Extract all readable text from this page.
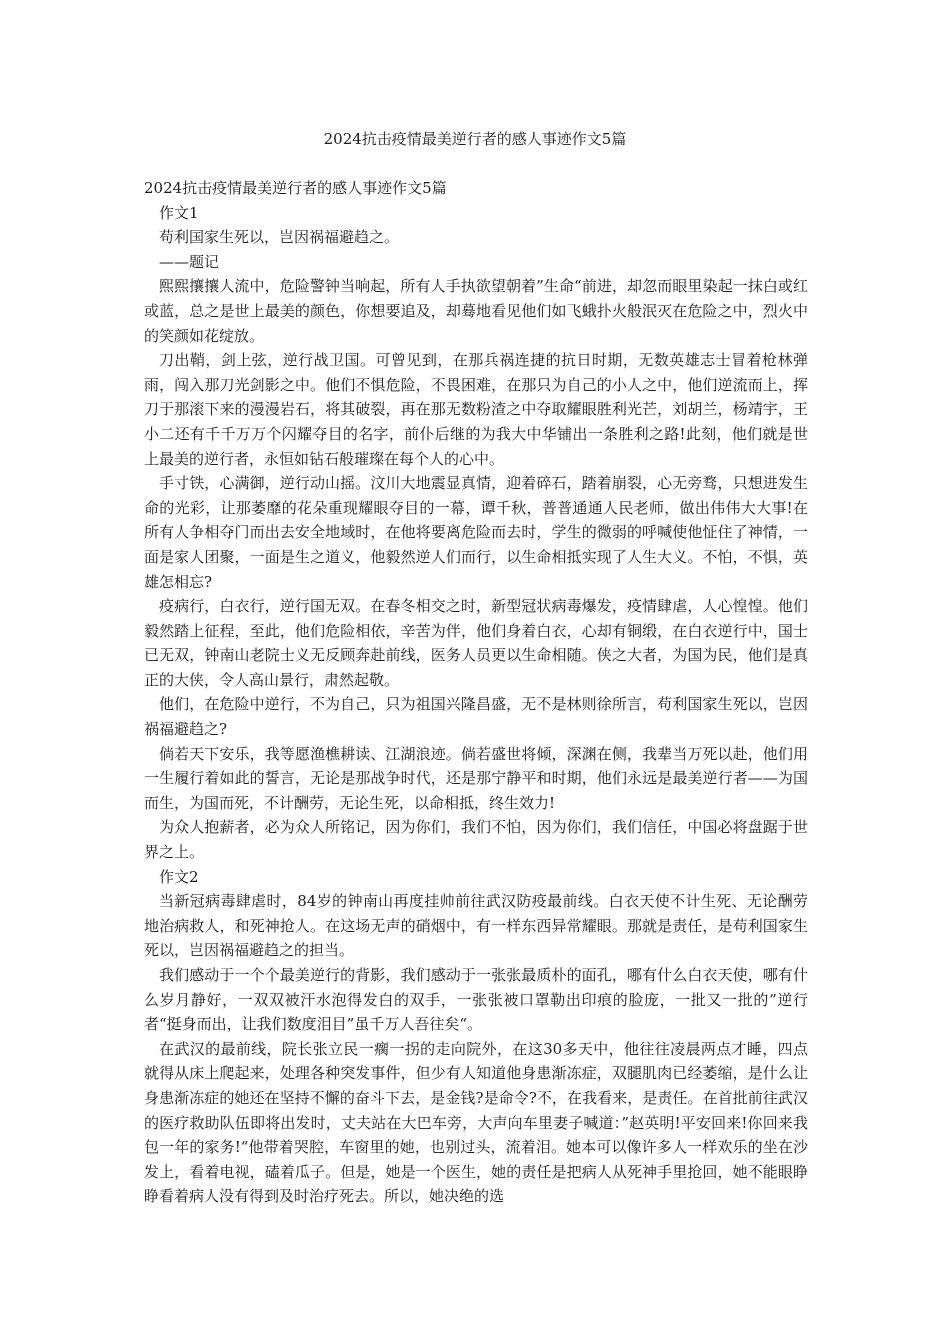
2024抗击疫情最美逆行者的感人事迹作文5篇

2024抗击疫情最美逆行者的感人事迹作文5篇

作文1

苟利国家生死以，岂因祸福避趋之。

——题记

熙熙攘攘人流中，危险警钟当响起，所有人手执欲望朝着”生命“前进，却忽而眼里染起一抹白或红或蓝，总之是世上最美的颜色，你想要追及，却蓦地看见他们如飞蛾扑火般泯灭在危险之中，烈火中的笑颜如花绽放。

刀出鞘，剑上弦，逆行战卫国。可曾见到，在那兵祸连捷的抗日时期，无数英雄志士冒着枪林弹雨，闯入那刀光剑影之中。他们不惧危险，不畏困难，在那只为自己的小人之中，他们逆流而上，挥刀于那滚下来的漫漫岩石，将其破裂，再在那无数粉渣之中夺取耀眼胜利光芒，刘胡兰，杨靖宇，王小二还有千千万万个闪耀夺目的名字，前仆后继的为我大中华铺出一条胜利之路!此刻，他们就是世上最美的逆行者，永恒如钻石般璀璨在每个人的心中。

手寸铁，心满御，逆行动山摇。汶川大地震显真情，迎着碎石，踏着崩裂，心无旁骛，只想进发生命的光彩，让那萎靡的花朵重现耀眼夺目的一幕，谭千秋，普普通通人民老师，做出伟伟大大事!在所有人争相夺门而出去安全地域时，在他将要离危险而去时，学生的微弱的呼喊使他怔住了神情，一面是家人团聚，一面是生之道义，他毅然逆人们而行，以生命相抵实现了人生大义。不怕，不惧，英雄怎相忘?

疫病行，白衣行，逆行国无双。在春冬相交之时，新型冠状病毒爆发，疫情肆虐，人心惶惶。他们毅然踏上征程，至此，他们危险相依，辛苦为伴，他们身着白衣，心却有铜缎，在白衣逆行中，国士已无双，钟南山老院士义无反顾奔赴前线，医务人员更以生命相随。侠之大者，为国为民，他们是真正的大侠，令人高山景行，肃然起敬。

他们，在危险中逆行，不为自己，只为祖国兴隆昌盛，无不是林则徐所言，苟利国家生死以，岂因祸福避趋之?

倘若天下安乐，我等愿渔樵耕读、江湖浪迹。倘若盛世将倾，深渊在侧，我辈当万死以赴，他们用一生履行着如此的誓言，无论是那战争时代，还是那宁静平和时期，他们永远是最美逆行者——为国而生，为国而死，不计酬劳，无论生死，以命相抵，终生效力!

为众人抱薪者，必为众人所铭记，因为你们，我们不怕，因为你们，我们信任，中国必将盘踞于世界之上。

作文2

当新冠病毒肆虐时，84岁的钟南山再度挂帅前往武汉防疫最前线。白衣天使不计生死、无论酬劳地治病救人，和死神抢人。在这场无声的硝烟中，有一样东西异常耀眼。那就是责任，是苟利国家生死以，岂因祸福避趋之的担当。

我们感动于一个个最美逆行的背影，我们感动于一张张最质朴的面孔，哪有什么白衣天使，哪有什么岁月静好，一双双被汗水泡得发白的双手，一张张被口罩勒出印痕的脸庞，一批又一批的”逆行者“挺身而出，让我们数度泪目”虽千万人吾往矣“。

在武汉的最前线，院长张立民一瘸一拐的走向院外，在这30多天中，他往往凌晨两点才睡，四点就得从床上爬起来，处理各种突发事件，但少有人知道他身患渐冻症，双腿肌肉已经萎缩，是什么让身患渐冻症的她还在坚持不懈的奋斗下去，是金钱?是命令?不，在我看来，是责任。在首批前往武汉的医疗救助队伍即将出发时，丈夫站在大巴车旁，大声向车里妻子喊道：”赵英明!平安回来!你回来我包一年的家务!“他带着哭腔，车窗里的她，也别过头，流着泪。她本可以像许多人一样欢乐的坐在沙发上，看着电视，磕着瓜子。但是，她是一个医生，她的责任是把病人从死神手里抢回，她不能眼睁睁看着病人没有得到及时治疗死去。所以，她决绝的选
